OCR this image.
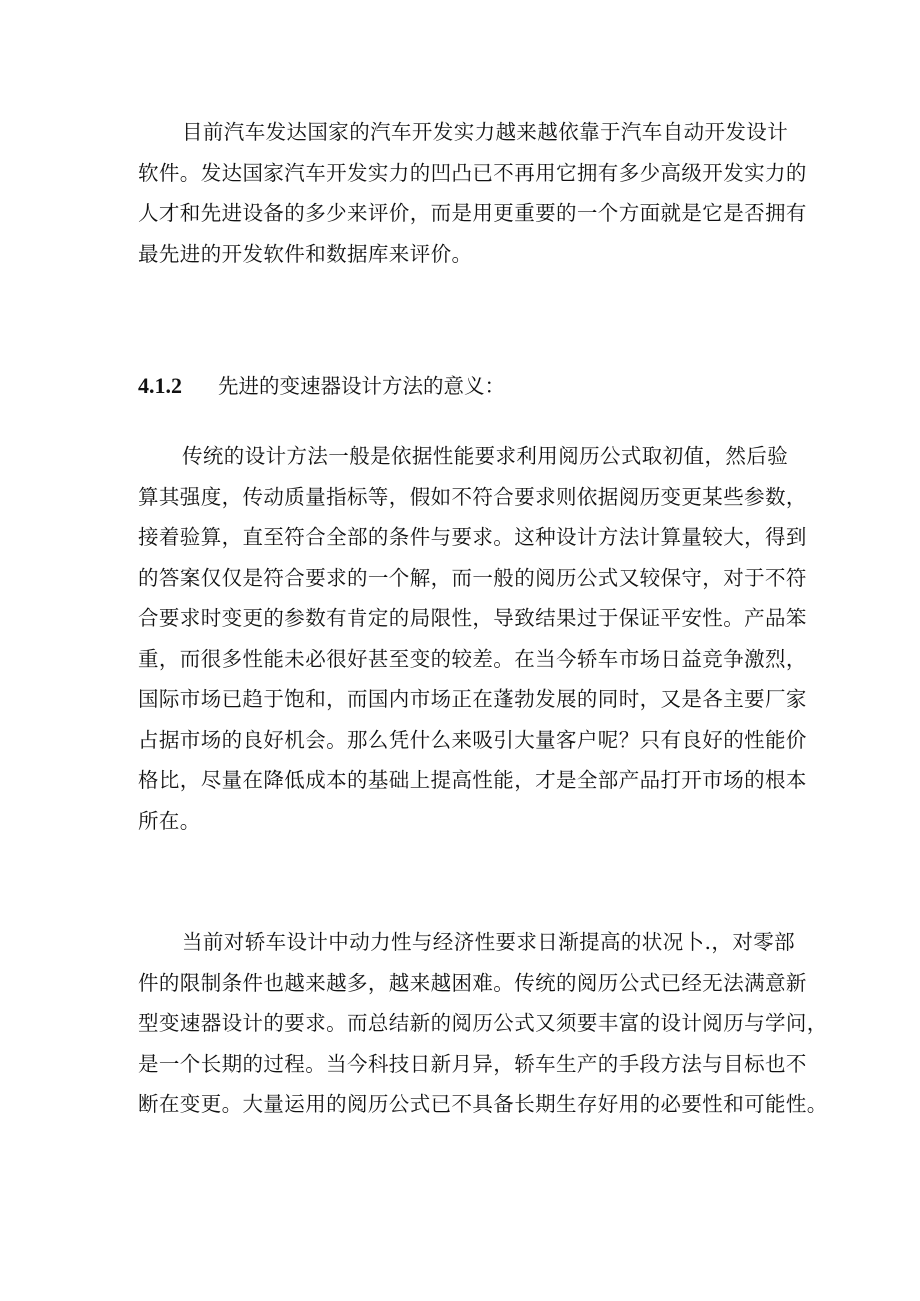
目前汽车发达国家的汽车开发实力越来越依靠于汽车自动开发设计
软件。发达国家汽车开发实力的凹凸已不再用它拥有多少高级开发实力的
人才和先进设备的多少来评价，而是用更重要的一个方面就是它是否拥有
最先进的开发软件和数据库来评价。
4.1.2 先进的变速器设计方法的意义：
传统的设计方法一般是依据性能要求利用阅历公式取初值，然后验
算其强度，传动质量指标等，假如不符合要求则依据阅历变更某些参数，
接着验算，直至符合全部的条件与要求。这种设计方法计算量较大，得到
的答案仅仅是符合要求的一个解，而一般的阅历公式又较保守，对于不符
合要求时变更的参数有肯定的局限性，导致结果过于保证平安性。产品笨
重，而很多性能未必很好甚至变的较差。在当今轿车市场日益竞争激烈，
国际市场已趋于饱和，而国内市场正在蓬勃发展的同时，又是各主要厂家
占据市场的良好机会。那么凭什么来吸引大量客户呢？只有良好的性能价
格比，尽量在降低成本的基础上提高性能，才是全部产品打开市场的根本
所在。
当前对轿车设计中动力性与经济性要求日渐提高的状况卜.，对零部
件的限制条件也越来越多，越来越困难。传统的阅历公式已经无法满意新
型变速器设计的要求。而总结新的阅历公式又须要丰富的设计阅历与学问，
是一个长期的过程。当今科技日新月异，轿车生产的手段方法与目标也不
断在变更。大量运用的阅历公式已不具备长期生存好用的必要性和可能性。
